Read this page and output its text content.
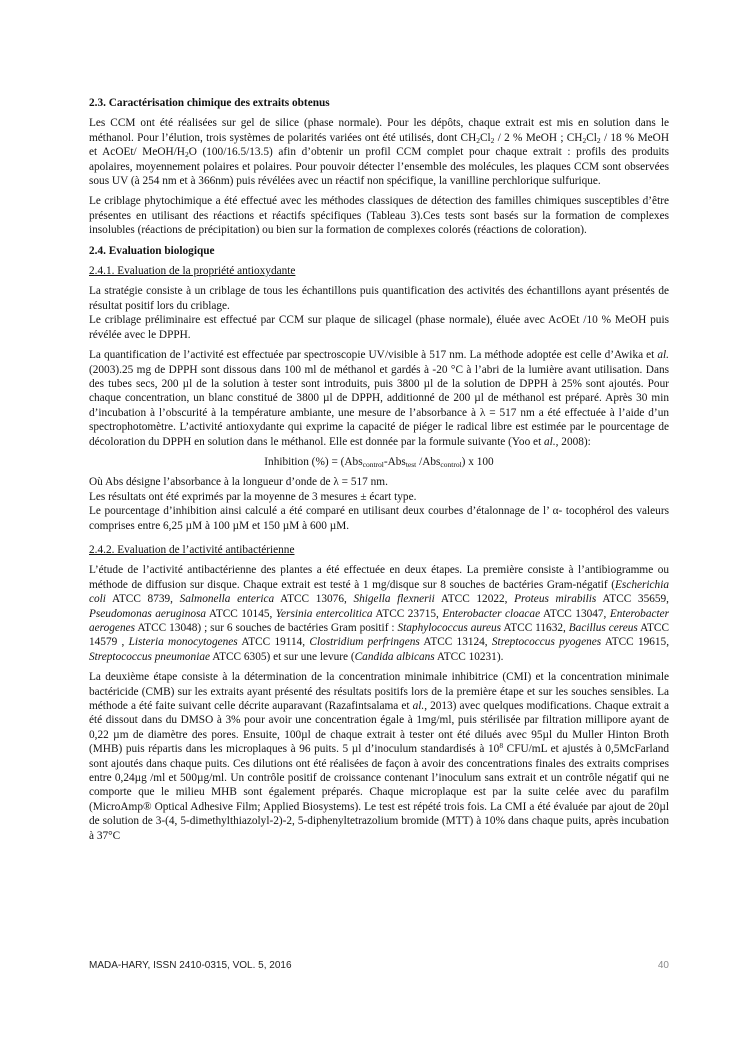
2.3. Caractérisation chimique des extraits obtenus

Les CCM ont été réalisées sur gel de silice (phase normale). Pour les dépôts, chaque extrait est mis en solution dans le méthanol. Pour l’élution, trois systèmes de polarités variées ont été utilisés, dont $CH_2Cl_2 / 2$ % MeOH ; $CH_2Cl_2 / 18$ % MeOH et AcOEt/ MeOH/$H_2O$ (100/16.5/13.5) afin d’obtenir un profil CCM complet pour chaque extrait : profils des produits apolaires, moyennement polaires et polaires. Pour pouvoir détecter l’ensemble des molécules, les plaques CCM sont observées sous UV (à 254 nm et à 366nm) puis révélées avec un réactif non spécifique, la vanilline perchlorique sulfurique.

Le criblage phytochimique a été effectué avec les méthodes classiques de détection des familles chimiques susceptibles d’être présentes en utilisant des réactions et réactifs spécifiques (Tableau 3).Ces tests sont basés sur la formation de complexes insolubles (réactions de précipitation) ou bien sur la formation de complexes colorés (réactions de coloration).

2.4. Evaluation biologique
2.4.1. Evaluation de la propriété antioxydante

La stratégie consiste à un criblage de tous les échantillons puis quantification des activités des échantillons ayant présentés de résultat positif lors du criblage.

Le criblage préliminaire est effectué par CCM sur plaque de silicagel (phase normale), éluée avec AcOEt /10 % MeOH puis révélée avec le DPPH.

La quantification de l’activité est effectuée par spectroscopie UV/visible à 517 nm. La méthode adoptée est celle d’Awika et al. (2003).25 mg de DPPH sont dissous dans 100 ml de méthanol et gardés à -20 °C à l’abri de la lumière avant utilisation. Dans des tubes secs, 200 µl de la solution à tester sont introduits, puis 3800 µl de la solution de DPPH à 25% sont ajoutés. Pour chaque concentration, un blanc constitué de 3800 µl de DPPH, additionné de 200 µl de méthanol est préparé. Après 30 min d’incubation à l’obscurité à la température ambiante, une mesure de l’absorbance à λ = 517 nm a été effectuée à l’aide d’un spectrophotomètre. L’activité antioxydante qui exprime la capacité de piéger le radical libre est estimée par le pourcentage de décoloration du DPPH en solution dans le méthanol. Elle est donnée par la formule suivante (Yoo et al., 2008):

Inhibition (%) = (Abs$_{control}$-Abs$_{test}$ /Abs$_{control}$) x 100

Où Abs désigne l’absorbance à la longueur d’onde de λ = 517 nm.

Les résultats ont été exprimés par la moyenne de 3 mesures ± écart type.

Le pourcentage d’inhibition ainsi calculé a été comparé en utilisant deux courbes d’étalonnage de l’ α- tocophérol des valeurs comprises entre 6,25 µM à 100 µM et 150 µM à 600 µM.

2.4.2. Evaluation de l’activité antibactérienne

L’étude de l’activité antibactérienne des plantes a été effectuée en deux étapes. La première consiste à l’antibiogramme ou méthode de diffusion sur disque. Chaque extrait est testé à 1 mg/disque sur 8 souches de bactéries Gram-négatif (Escherichia coli ATCC 8739, Salmonella enterica ATCC 13076, Shigella flexnerii ATCC 12022, Proteus mirabilis ATCC 35659, Pseudomonas aeruginosa ATCC 10145, Yersinia entercolitica ATCC 23715, Enterobacter cloacae ATCC 13047, Enterobacter aerogenes ATCC 13048) ; sur 6 souches de bactéries Gram positif : Staphylococcus aureus ATCC 11632, Bacillus cereus ATCC 14579 , Listeria monocytogenes ATCC 19114, Clostridium perfringens ATCC 13124, Streptococcus pyogenes ATCC 19615, Streptococcus pneumoniae ATCC 6305) et sur une levure (Candida albicans ATCC 10231).

La deuxième étape consiste à la détermination de la concentration minimale inhibitrice (CMI) et la concentration minimale bactéricide (CMB) sur les extraits ayant présenté des résultats positifs lors de la première étape et sur les souches sensibles. La méthode a été faite suivant celle décrite auparavant (Razafintsalama et al., 2013) avec quelques modifications. Chaque extrait a été dissout dans du DMSO à 3% pour avoir une concentration égale à 1mg/ml, puis stérilisée par filtration millipore ayant de 0,22 µm de diamètre des pores. Ensuite, 100µl de chaque extrait à tester ont été dilués avec 95µl du Muller Hinton Broth (MHB) puis répartis dans les microplaques à 96 puits. 5 µl d’inoculum standardisés à $10^8$ CFU/mL et ajustés à 0,5McFarland sont ajoutés dans chaque puits. Ces dilutions ont été réalisées de façon à avoir des concentrations finales des extraits comprises entre 0,24µg /ml et 500µg/ml. Un contrôle positif de croissance contenant l’inoculum sans extrait et un contrôle négatif qui ne comporte que le milieu MHB sont également préparés. Chaque microplaque est par la suite celée avec du parafilm (MicroAmp® Optical Adhesive Film; Applied Biosystems). Le test est répété trois fois. La CMI a été évaluée par ajout de 20µl de solution de 3-(4, 5-dimethylthiazolyl-2)-2, 5-diphenyltetrazolium bromide (MTT) à 10% dans chaque puits, après incubation à 37°C

MADA-HARY, ISSN 2410-0315, VOL. 5, 2016	40
